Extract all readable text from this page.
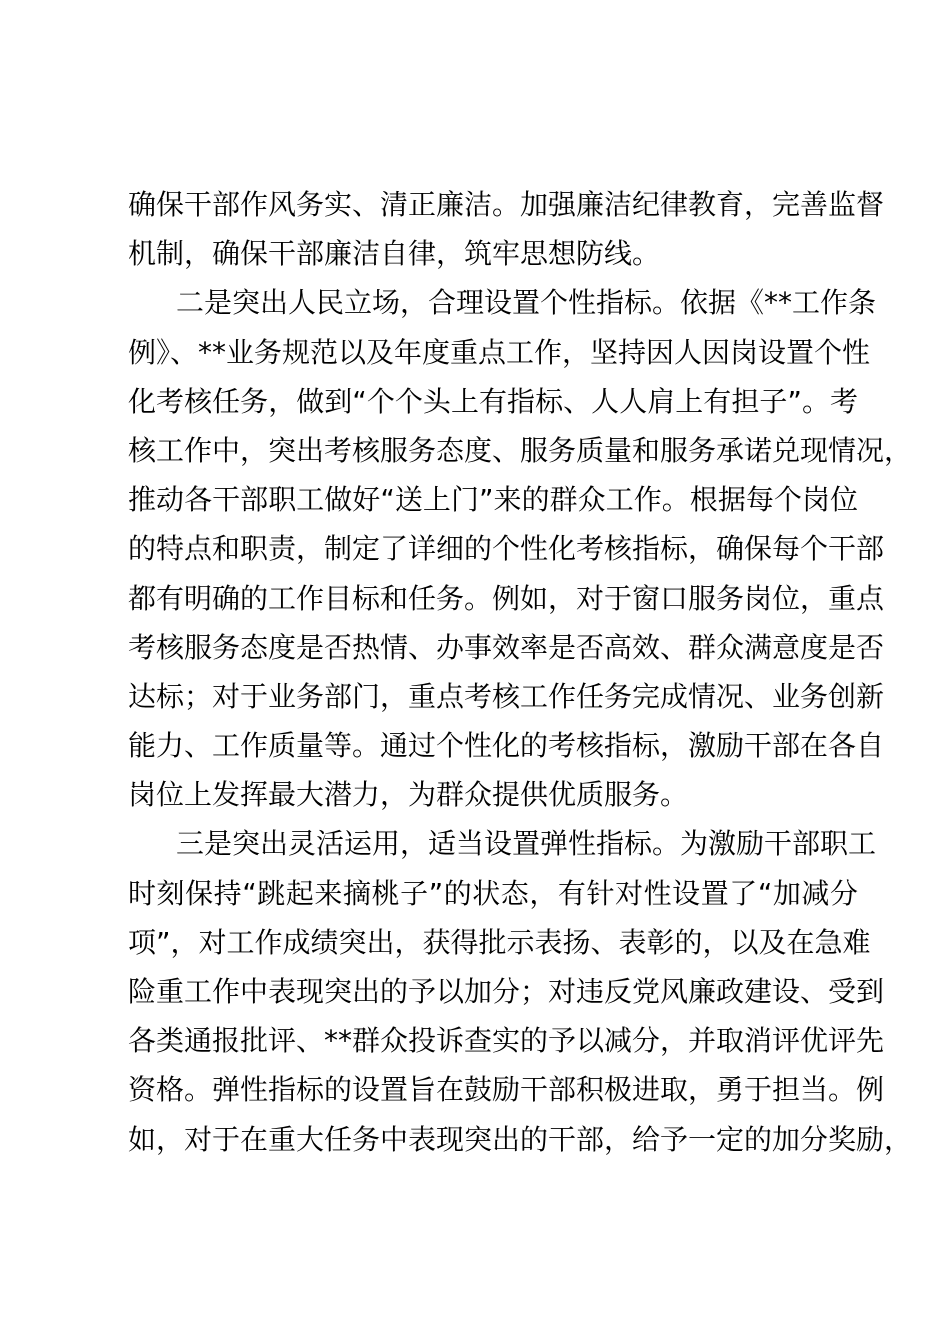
确保干部作风务实、清正廉洁。加强廉洁纪律教育，完善监督
机制，确保干部廉洁自律，筑牢思想防线。
二是突出人民立场，合理设置个性指标。依据《**工作条
例》、**业务规范以及年度重点工作，坚持因人因岗设置个性
化考核任务，做到“个个头上有指标、人人肩上有担子”。考
核工作中，突出考核服务态度、服务质量和服务承诺兑现情况，
推动各干部职工做好“送上门”来的群众工作。根据每个岗位
的特点和职责，制定了详细的个性化考核指标，确保每个干部
都有明确的工作目标和任务。例如，对于窗口服务岗位，重点
考核服务态度是否热情、办事效率是否高效、群众满意度是否
达标；对于业务部门，重点考核工作任务完成情况、业务创新
能力、工作质量等。通过个性化的考核指标，激励干部在各自
岗位上发挥最大潜力，为群众提供优质服务。
三是突出灵活运用，适当设置弹性指标。为激励干部职工
时刻保持“跳起来摘桃子”的状态，有针对性设置了“加减分
项”，对工作成绩突出，获得批示表扬、表彰的，以及在急难
险重工作中表现突出的予以加分；对违反党风廉政建设、受到
各类通报批评、**群众投诉查实的予以减分，并取消评优评先
资格。弹性指标的设置旨在鼓励干部积极进取，勇于担当。例
如，对于在重大任务中表现突出的干部，给予一定的加分奖励，
